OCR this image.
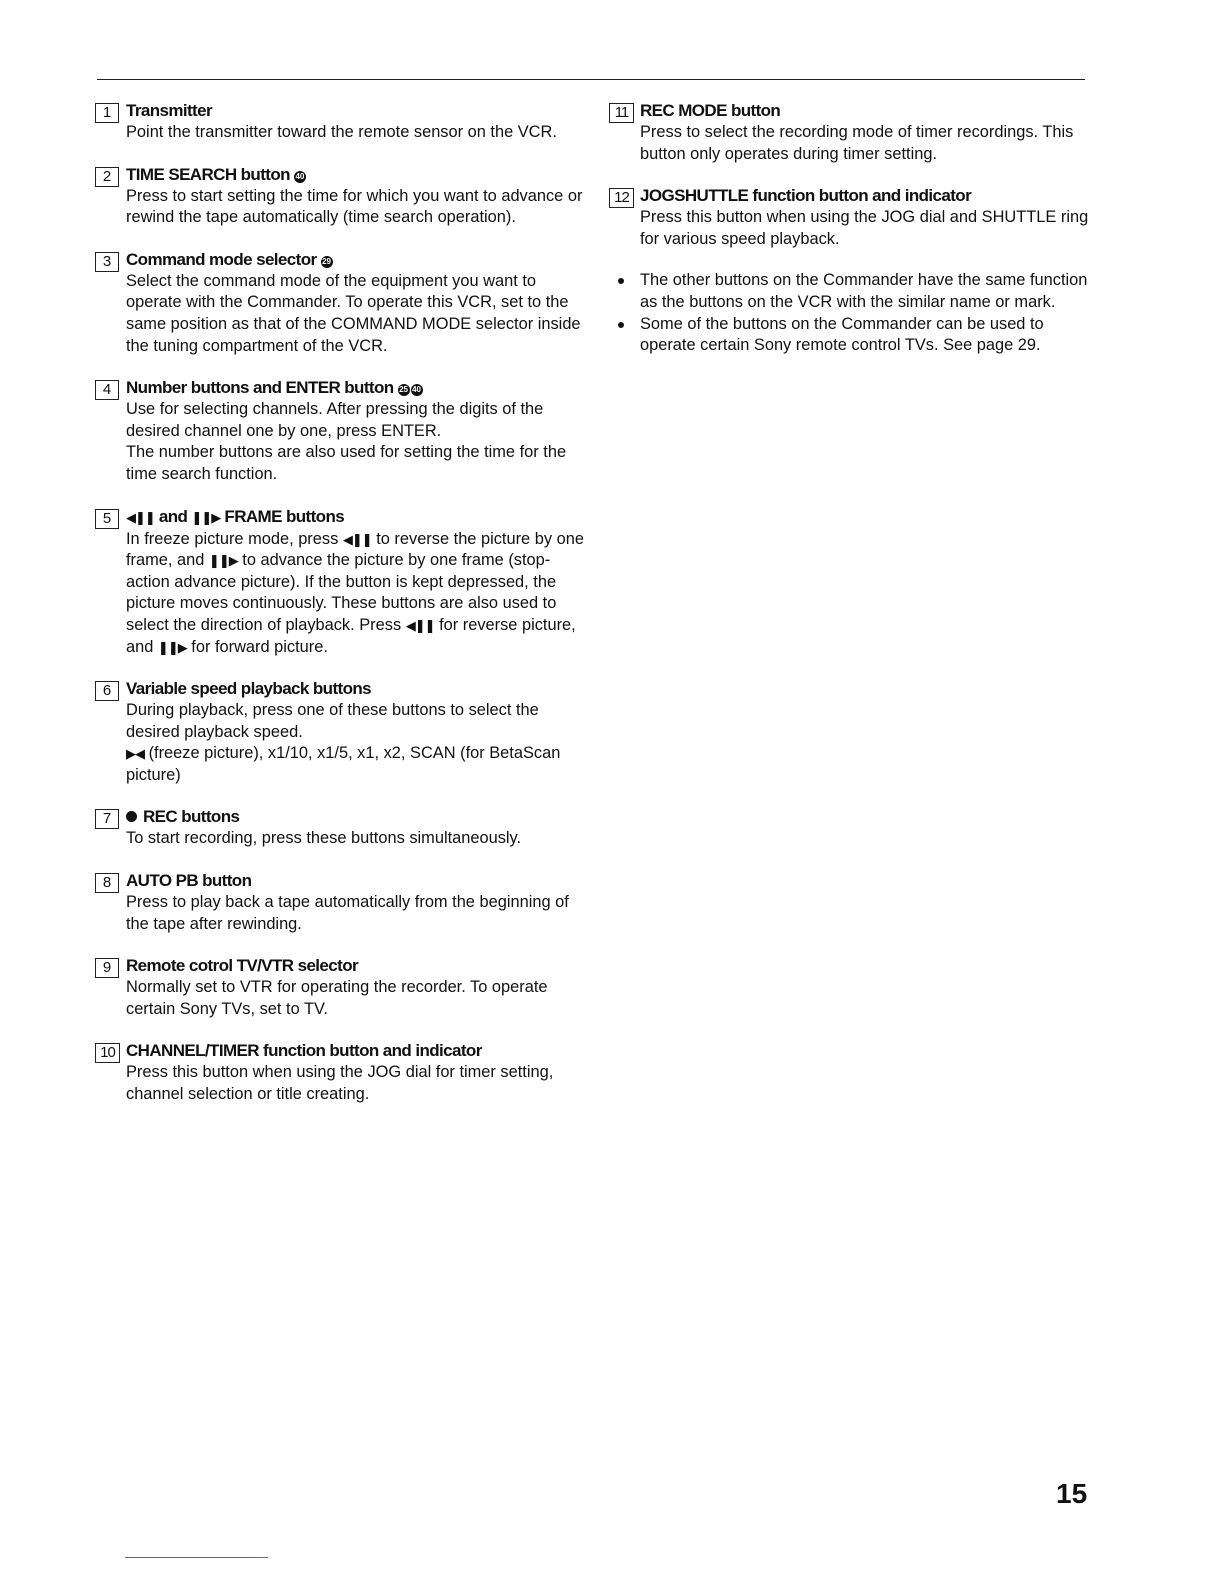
1 Transmitter
Point the transmitter toward the remote sensor on the VCR.
2 TIME SEARCH button 40
Press to start setting the time for which you want to advance or rewind the tape automatically (time search operation).
3 Command mode selector 29
Select the command mode of the equipment you want to operate with the Commander. To operate this VCR, set to the same position as that of the COMMAND MODE selector inside the tuning compartment of the VCR.
4 Number buttons and ENTER button 25 40
Use for selecting channels. After pressing the digits of the desired channel one by one, press ENTER.
The number buttons are also used for setting the time for the time search function.
5	◀❚❚ and ❚❚▶ FRAME buttons
In freeze picture mode, press ◀❚❚ to reverse the picture by one frame, and ❚❚▶ to advance the picture by one frame (stop-action advance picture). If the button is kept depressed, the picture moves continuously. These buttons are also used to select the direction of playback. Press ◀❚❚ for reverse picture, and ❚❚▶ for forward picture.
6 Variable speed playback buttons
During playback, press one of these buttons to select the desired playback speed.
▶◀ (freeze picture), x1/10, x1/5, x1, x2, SCAN (for BetaScan picture)
7	REC buttons
To start recording, press these buttons simultaneously.
8 AUTO PB button
Press to play back a tape automatically from the beginning of the tape after rewinding.
9 Remote cotrol TV/VTR selector
Normally set to VTR for operating the recorder. To operate certain Sony TVs, set to TV.
10 CHANNEL/TIMER function button and indicator
Press this button when using the JOG dial for timer setting, channel selection or title creating.
11 REC MODE button
Press to select the recording mode of timer recordings. This button only operates during timer setting.
12 JOGSHUTTLE function button and indicator
Press this button when using the JOG dial and SHUTTLE ring for various speed playback.
The other buttons on the Commander have the same function as the buttons on the VCR with the similar name or mark.
Some of the buttons on the Commander can be used to operate certain Sony remote control TVs. See page 29.
15
